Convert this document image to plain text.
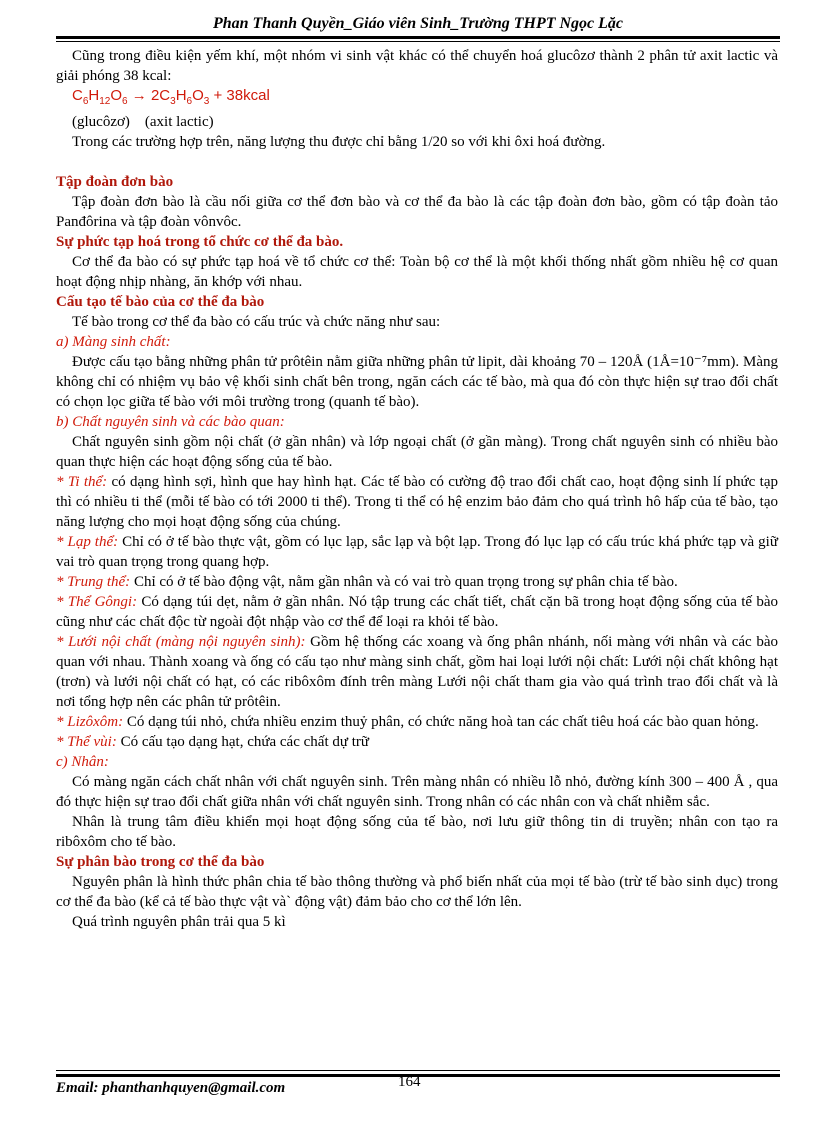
Phan Thanh Quyền_Giáo viên Sinh_Trường THPT Ngọc Lặc

Cũng trong điều kiện yếm khí, một nhóm vi sinh vật khác có thể chuyển hoá glucôzơ thành 2 phân tử axit lactic và giải phóng 38 kcal:

$C_6H_{12}O_6 \to 2C_3H_6O_3$ + 38kcal

(glucôzơ)    (axit lactic)

Trong các trường hợp trên, năng lượng thu được chỉ bằng 1/20 so với khi ôxi hoá đường.

Tập đoàn đơn bào

Tập đoàn đơn bào là cầu nối giữa cơ thể đơn bào và cơ thể đa bào là các tập đoàn đơn bào, gồm có tập đoàn tảo Panđôrina và tập đoàn vônvôc.

Sự phức tạp hoá trong tổ chức cơ thể đa bào.

Cơ thể đa bào có sự phức tạp hoá về tổ chức cơ thể: Toàn bộ cơ thể là một khối thống nhất gồm nhiều hệ cơ quan hoạt động nhịp nhàng, ăn khớp với nhau.

Cấu tạo tế bào của cơ thể đa bào

Tế bào trong cơ thể đa bào có cấu trúc và chức năng như sau:

a) Màng sinh chất:

Được cấu tạo bằng những phân tử prôtêin nằm giữa những phân tử lipit, dài khoảng 70 – 120Å (1Å=10⁻⁷mm). Màng không chỉ có nhiệm vụ bảo vệ khối sinh chất bên trong, ngăn cách các tế bào, mà qua đó còn thực hiện sự trao đổi chất có chọn lọc giữa tế bào với môi trường trong (quanh tế bào).

b) Chất nguyên sinh và các bào quan:

Chất nguyên sinh gồm nội chất (ở gần nhân) và lớp ngoại chất (ở gần màng). Trong chất nguyên sinh có nhiều bào quan thực hiện các hoạt động sống của tế bào.

* Ti thể: có dạng hình sợi, hình que hay hình hạt. Các tế bào có cường độ trao đổi chất cao, hoạt động sinh lí phức tạp thì có nhiều ti thể (mỗi tế bào có tới 2000 ti thể). Trong ti thể có hệ enzim bảo đảm cho quá trình hô hấp của tế bào, tạo năng lượng cho mọi hoạt động sống của chúng.

* Lạp thể: Chỉ có ở tế bào thực vật, gồm có lục lạp, sắc lạp và bột lạp. Trong đó lục lạp có cấu trúc khá phức tạp và giữ vai trò quan trọng trong quang hợp.

* Trung thể: Chỉ có ở tế bào động vật, nằm gần nhân và có vai trò quan trọng trong sự phân chia tế bào.

* Thể Gôngi: Có dạng túi dẹt, nằm ở gần nhân. Nó tập trung các chất tiết, chất cặn bã trong hoạt động sống của tế bào cũng như các chất độc từ ngoài đột nhập vào cơ thể để loại ra khỏi tế bào.

* Lưới nội chất (màng nội nguyên sinh): Gồm hệ thống các xoang và ống phân nhánh, nối màng với nhân và các bào quan với nhau. Thành xoang và ống có cấu tạo như màng sinh chất, gồm hai loại lưới nội chất: Lưới nội chất không hạt (trơn) và lưới nội chất có hạt, có các ribôxôm đính trên màng Lưới nội chất tham gia vào quá trình trao đổi chất và là nơi tổng hợp nên các phân tử prôtêin.

* Lizôxôm: Có dạng túi nhỏ, chứa nhiều enzim thuỷ phân, có chức năng hoà tan các chất tiêu hoá các bào quan hỏng.

* Thể vùi: Có cấu tạo dạng hạt, chứa các chất dự trữ

c) Nhân:

Có màng ngăn cách chất nhân với chất nguyên sinh. Trên màng nhân có nhiều lỗ nhỏ, đường kính 300 – 400 Å , qua đó thực hiện sự trao đổi chất giữa nhân với chất nguyên sinh. Trong nhân có các nhân con và chất nhiễm sắc.

Nhân là trung tâm điều khiển mọi hoạt động sống của tế bào, nơi lưu giữ thông tin di truyền; nhân con tạo ra ribôxôm cho tế bào.

Sự phân bào trong cơ thể đa bào

Nguyên phân là hình thức phân chia tế bào thông thường và phổ biến nhất của mọi tế bào (trừ tế bào sinh dục) trong cơ thể đa bào (kể cả tế bào thực vật và` động vật) đảm bảo cho cơ thể lớn lên.

Quá trình nguyên phân trải qua 5 kì

164
Email: phanthanhquyen@gmail.com
